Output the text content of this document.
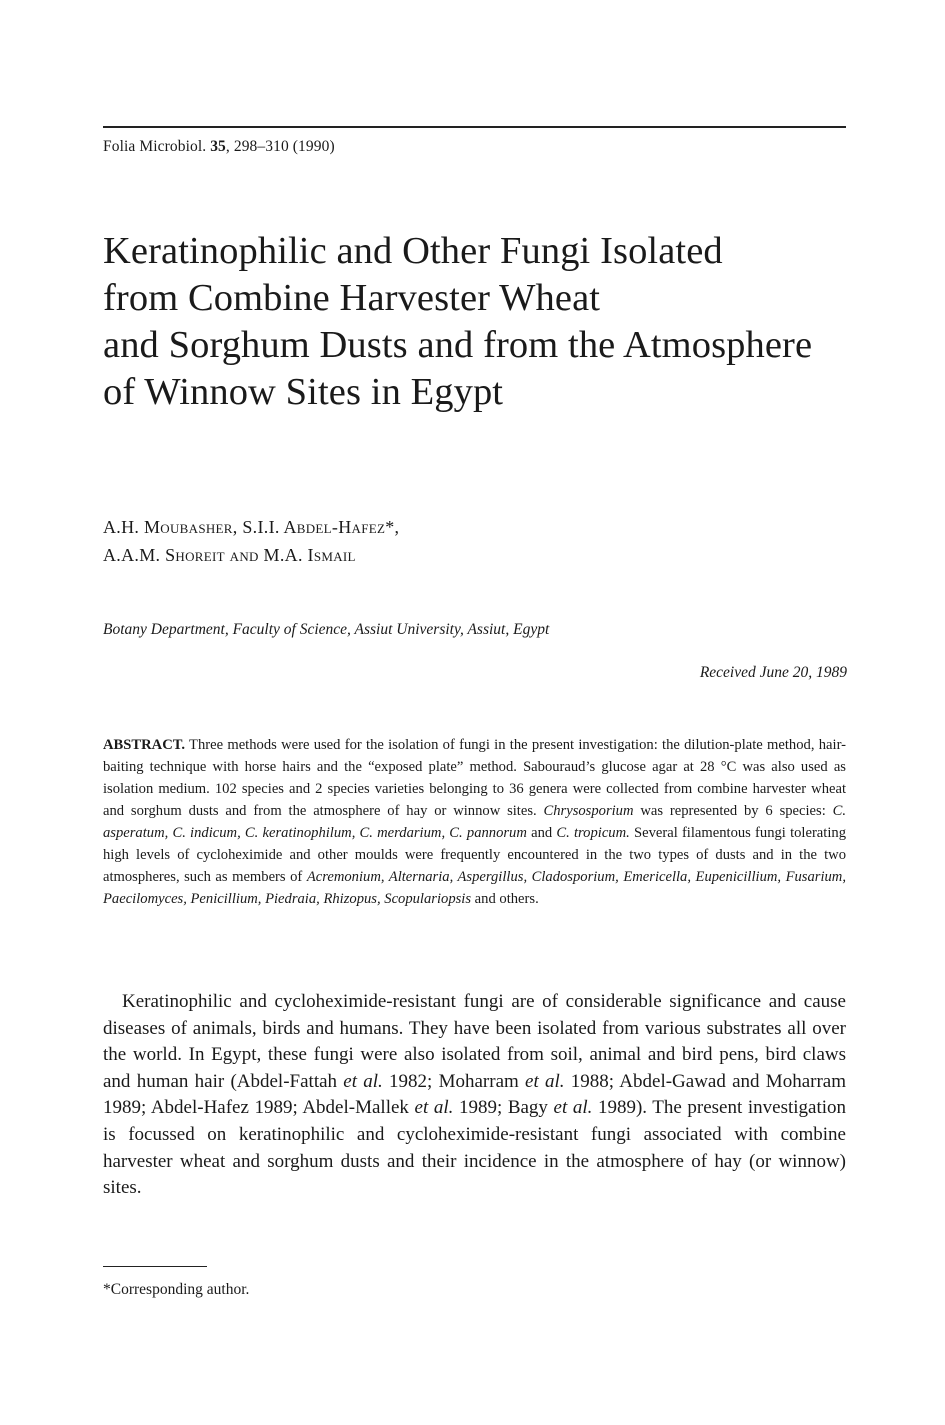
Folia Microbiol. 35, 298–310 (1990)
Keratinophilic and Other Fungi Isolated
from Combine Harvester Wheat
and Sorghum Dusts and from the Atmosphere
of Winnow Sites in Egypt
A.H. Moubasher, S.I.I. Abdel-Hafez*,
A.A.M. Shoreit and M.A. Ismail
Botany Department, Faculty of Science, Assiut University, Assiut, Egypt
Received June 20, 1989

ABSTRACT. Three methods were used for the isolation of fungi in the present investigation: the dilution-plate method, hair-baiting technique with horse hairs and the “exposed plate” method. Sabouraud’s glucose agar at 28 °C was also used as isolation medium. 102 species and 2 species varieties belonging to 36 genera were collected from combine harvester wheat and sorghum dusts and from the atmosphere of hay or winnow sites. Chrysosporium was represented by 6 species: C. asperatum, C. indicum, C. keratinophilum, C. merdarium, C. pannorum and C. tropicum. Several filamentous fungi tolerating high levels of cycloheximide and other moulds were frequently encountered in the two types of dusts and in the two atmospheres, such as members of Acremonium, Alternaria, Aspergillus, Cladosporium, Emericella, Eupenicillium, Fusarium, Paecilomyces, Penicillium, Piedraia, Rhizopus, Scopulariopsis and others.

Keratinophilic and cycloheximide-resistant fungi are of considerable significance and cause diseases of animals, birds and humans. They have been isolated from various substrates all over the world. In Egypt, these fungi were also isolated from soil, animal and bird pens, bird claws and human hair (Abdel-Fattah et al. 1982; Moharram et al. 1988; Abdel-Gawad and Moharram 1989; Abdel-Hafez 1989; Abdel-Mallek et al. 1989; Bagy et al. 1989). The present investigation is focussed on keratinophilic and cycloheximide-resistant fungi associated with combine harvester wheat and sorghum dusts and their incidence in the atmosphere of hay (or winnow) sites.

*Corresponding author.
